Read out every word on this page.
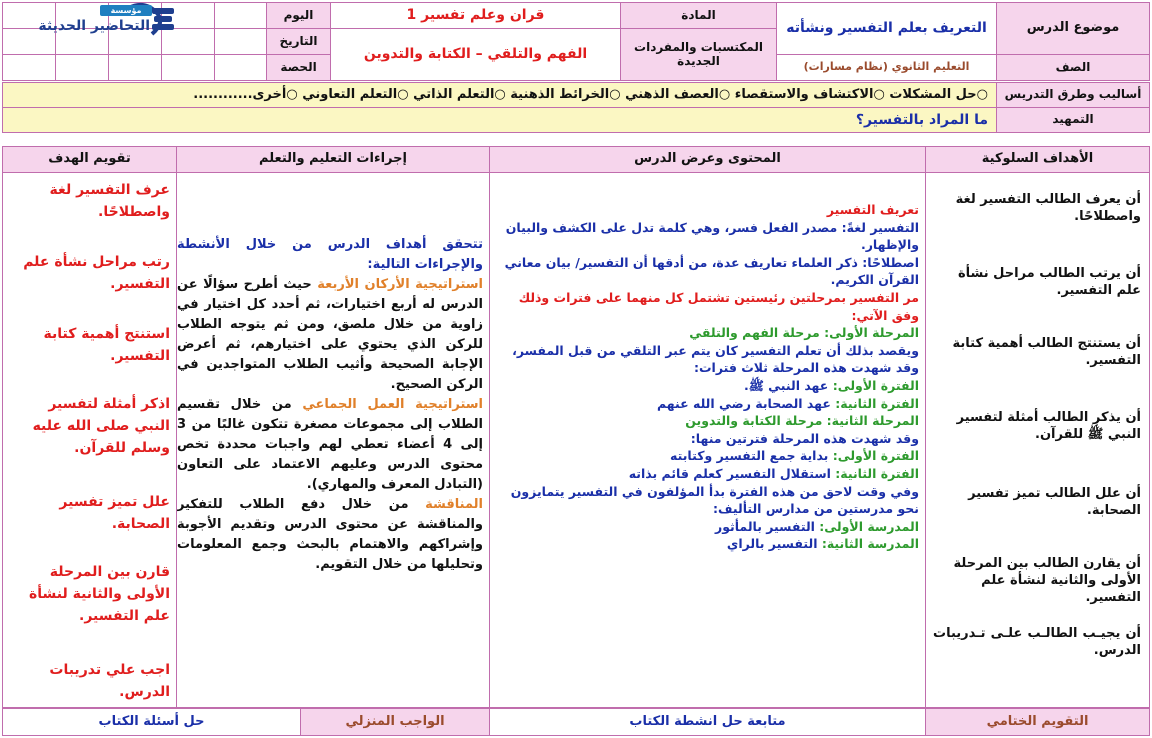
موضوع الدرس
التعريف بعلم التفسير ونشأته
المادة
قران وعلم تفسير 1
اليوم
المكتسبات والمفردات الجديدة
الفهم والتلقي – الكتابة والتدوين
التاريخ
الحصة	الصف
التعليم الثانوي (نظام مسارات)
مؤسسة
التحاضير الحديثة
أساليب وطرق التدريس
○حل المشكلات ○الاكتشاف والاستقصاء ○العصف الذهني ○الخرائط الذهنية ○التعلم الذاتي ○التعلم التعاوني ○أخرى............
التمهيد
ما المراد بالتفسير؟
الأهداف السلوكية
المحتوى وعرض الدرس
إجراءات التعليم والتعلم
تقويم الهدف
أن يعرف الطالب التفسير لغة واصطلاحًا.
أن يرتب الطالب مراحل نشأة علم التفسير.
أن يستنتج الطالب أهمية كتابة التفسير.
أن يذكر الطالب أمثلة لتفسير النبي ﷺ للقرآن.
أن علل الطالب تميز تفسير الصحابة.
أن يقارن الطالب بين المرحلة الأولى والثانية لنشأة علم التفسير.
أن يجيـب الطالـب علـى تـدريبات الدرس.
تعريف التفسير
التفسير لغةً: مصدر الفعل فسر، وهي كلمة تدل على الكشف والبيان والإظهار.
اصطلاحًا: ذكر العلماء تعاريف عدة، من أدقها أن التفسير/ بيان معاني القرآن الكريم.
مر التفسير بمرحلتين رئيستين تشتمل كل منهما على فترات وذلك وفق الآتي:
المرحلة الأولى: مرحلة الفهم والتلقي
ويقصد بذلك أن تعلم التفسير كان يتم عبر التلقي من قبل المفسر، وقد شهدت هذه المرحلة ثلاث فترات:
الفترة الأولى: عهد النبي ﷺ.
الفترة الثانية: عهد الصحابة رضي الله عنهم
المرحلة الثانية: مرحلة الكتابة والتدوين
وقد شهدت هذه المرحلة فترتين منها:
الفترة الأولى: بداية جمع التفسير وكتابته
الفترة الثانية: استقلال التفسير كعلم قائم بذاته
وفي وقت لاحق من هذه الفترة بدأ المؤلفون في التفسير يتمايزون نحو مدرستين من مدارس التأليف:
المدرسة الأولى: التفسير بالمأثور
المدرسة الثانية: التفسير بالراي
تتحقق أهداف الدرس من خلال الأنشطة والإجراءات التالية:
استراتيجية الأركان الأربعة حيث أطرح سؤالًا عن الدرس له أربع اختيارات، ثم أحدد كل اختيار في زاوية من خلال ملصق، ومن ثم يتوجه الطلاب للركن الذي يحتوي على اختيارهم، ثم أعرض الإجابة الصحيحة وأثيب الطلاب المتواجدين في الركن الصحيح.
استراتيجية العمل الجماعي من خلال تقسيم الطلاب إلى مجموعات مصغرة تتكون غالبًا من 3 إلى 4 أعضاء تعطي لهم واجبات محددة تخص محتوى الدرس وعليهم الاعتماد على التعاون (التبادل المعرف والمهاري).
المناقشة من خلال دفع الطلاب للتفكير والمناقشة عن محتوى الدرس وتقديم الأجوبة وإشراكهم والاهتمام بالبحث وجمع المعلومات وتحليلها من خلال التقويم.
عرف التفسير لغة واصطلاحًا.
رتب مراحل نشأة علم التفسير.
استنتج أهمية كتابة التفسير.
اذكر أمثلة لتفسير النبي صلى الله عليه وسلم للقرآن.
علل تميز تفسير الصحابة.
قارن بين المرحلة الأولى والثانية لنشأة علم التفسير.
اجب علي تدريبات الدرس.
التقويم الختامي
متابعة حل انشطة الكتاب
الواجب المنزلي
حل أسئلة الكتاب
